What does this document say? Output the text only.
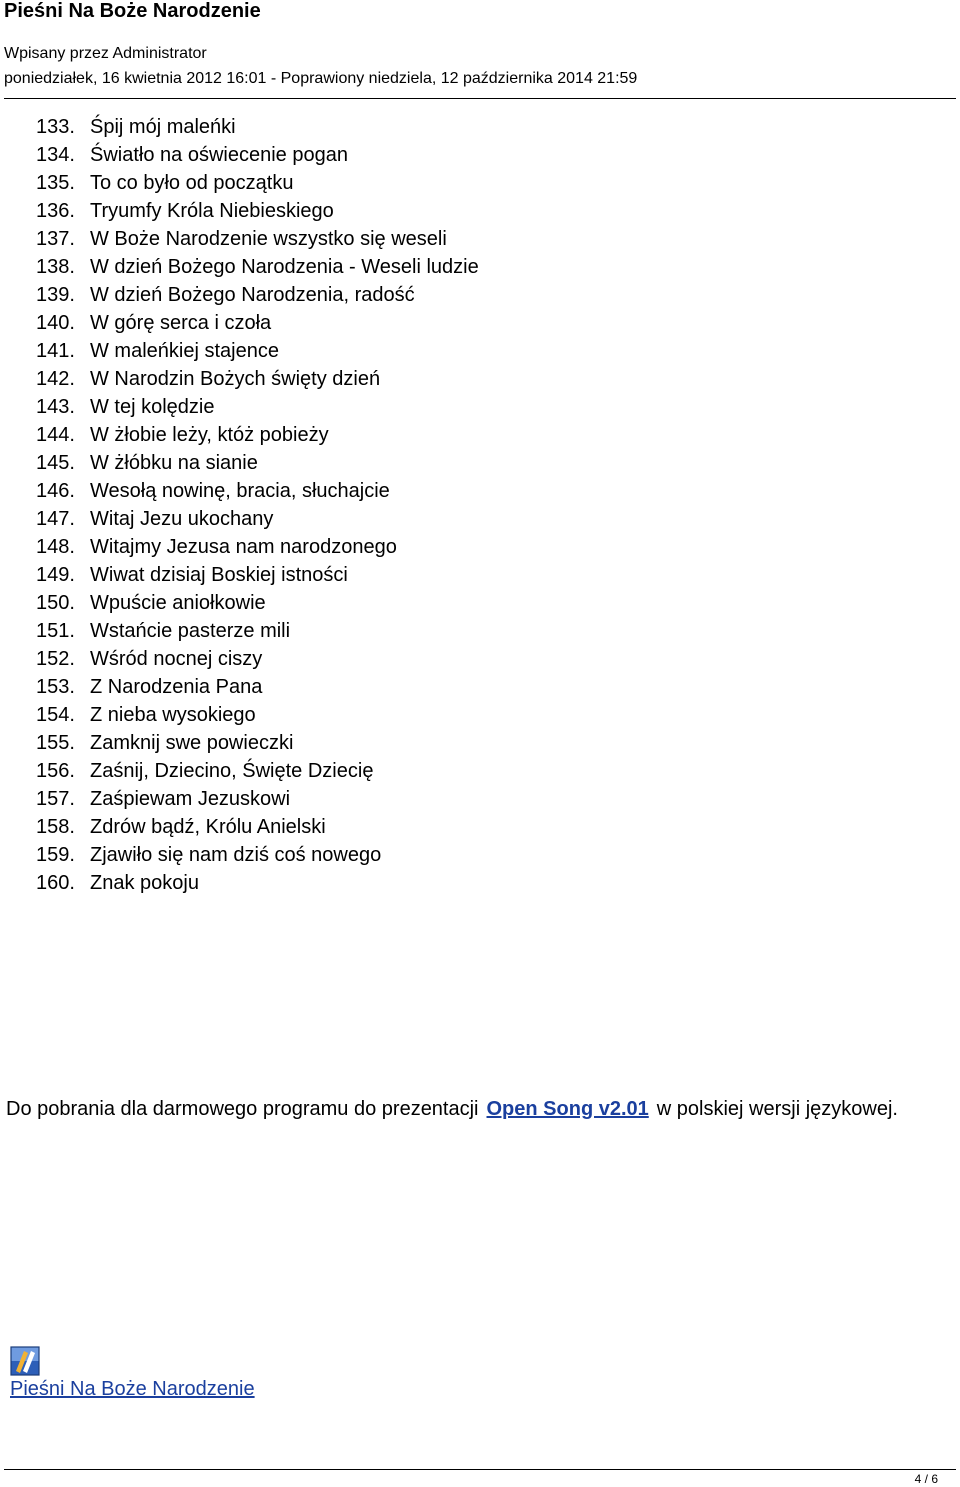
Pieśni Na Boże Narodzenie
Wpisany przez Administrator
poniedziałek, 16 kwietnia 2012 16:01 - Poprawiony niedziela, 12 października 2014 21:59
133. Śpij mój maleńki
134. Światło na oświecenie pogan
135. To co było od początku
136. Tryumfy Króla Niebieskiego
137. W Boże Narodzenie wszystko się weseli
138. W dzień Bożego Narodzenia - Weseli ludzie
139. W dzień Bożego Narodzenia, radość
140. W górę serca i czoła
141. W maleńkiej stajence
142. W Narodzin Bożych święty dzień
143. W tej kolędzie
144. W żłobie leży, któż pobieży
145. W żłóbku na sianie
146. Wesołą nowinę, bracia, słuchajcie
147. Witaj Jezu ukochany
148. Witajmy Jezusa nam narodzonego
149. Wiwat dzisiaj Boskiej istności
150. Wpuście aniołkowie
151. Wstańcie pasterze mili
152. Wśród nocnej ciszy
153. Z Narodzenia Pana
154. Z nieba wysokiego
155. Zamknij swe powieczki
156. Zaśnij, Dziecino, Święte Dziecię
157. Zaśpiewam Jezuskowi
158. Zdrów bądź, Królu Anielski
159. Zjawiło się nam dziś coś nowego
160. Znak pokoju
Do pobrania dla darmowego programu do prezentacji Open Song v2.01 w polskiej wersji językowej.
Pieśni Na Boże Narodzenie
4 / 6
